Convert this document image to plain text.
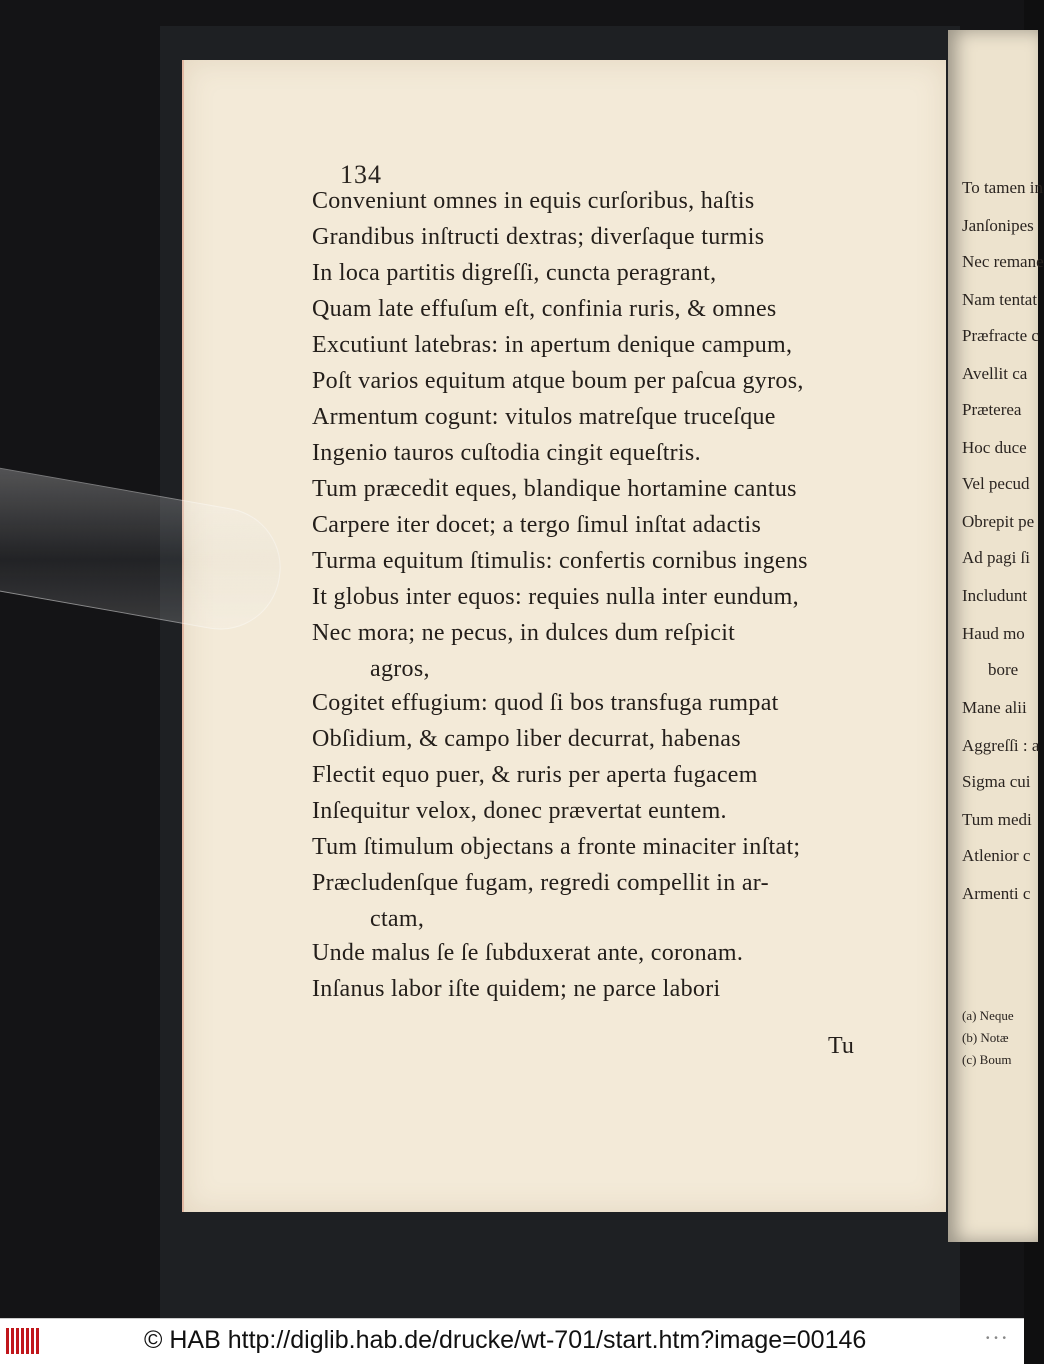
134
Conveniunt omnes in equis curſoribus, haſtis
Grandibus inſtructi dextras; diverſaque turmis
In loca partitis digreſſi, cuncta peragrant,
Quam late effuſum eſt, confinia ruris, & omnes
Excutiunt latebras: in apertum denique campum,
Poſt varios equitum atque boum per paſcua gyros,
Armentum cogunt: vitulos matreſque truceſque
Ingenio tauros cuſtodia cingit equeſtris.
Tum præcedit eques, blandique hortamine cantus
Carpere iter docet; a tergo ſimul inſtat adactis
Turma equitum ſtimulis: confertis cornibus ingens
It globus inter equos: requies nulla inter eundum,
Nec mora; ne pecus, in dulces dum reſpicit
agros,
Cogitet effugium: quod ſi bos transfuga rumpat
Obſidium, & campo liber decurrat, habenas
Flectit equo puer, & ruris per aperta fugacem
Inſequitur velox, donec prævertat euntem.
Tum ſtimulum objectans a fronte minaciter inſtat;
Præcludenſque fugam, regredi compellit in ar-
ctam,
Unde malus ſe ſe ſubduxerat ante, coronam.
Inſanus labor iſte quidem; ne parce labori
Tu
To tamen in
Janſonipes
Nec remane
Nam tentat
Præfracte c
Avellit ca
Præterea
Hoc duce
Vel pecud
Obrepit pe
Ad pagi ſi
Includunt
Haud mo
bore
Mane alii
Aggreſſi : a
Sigma cui
Tum medi
Atlenior c
Armenti c
(a) Neque
(b) Notæ
(c) Boum
© HAB http://diglib.hab.de/drucke/wt-701/start.htm?image=00146	• • •
